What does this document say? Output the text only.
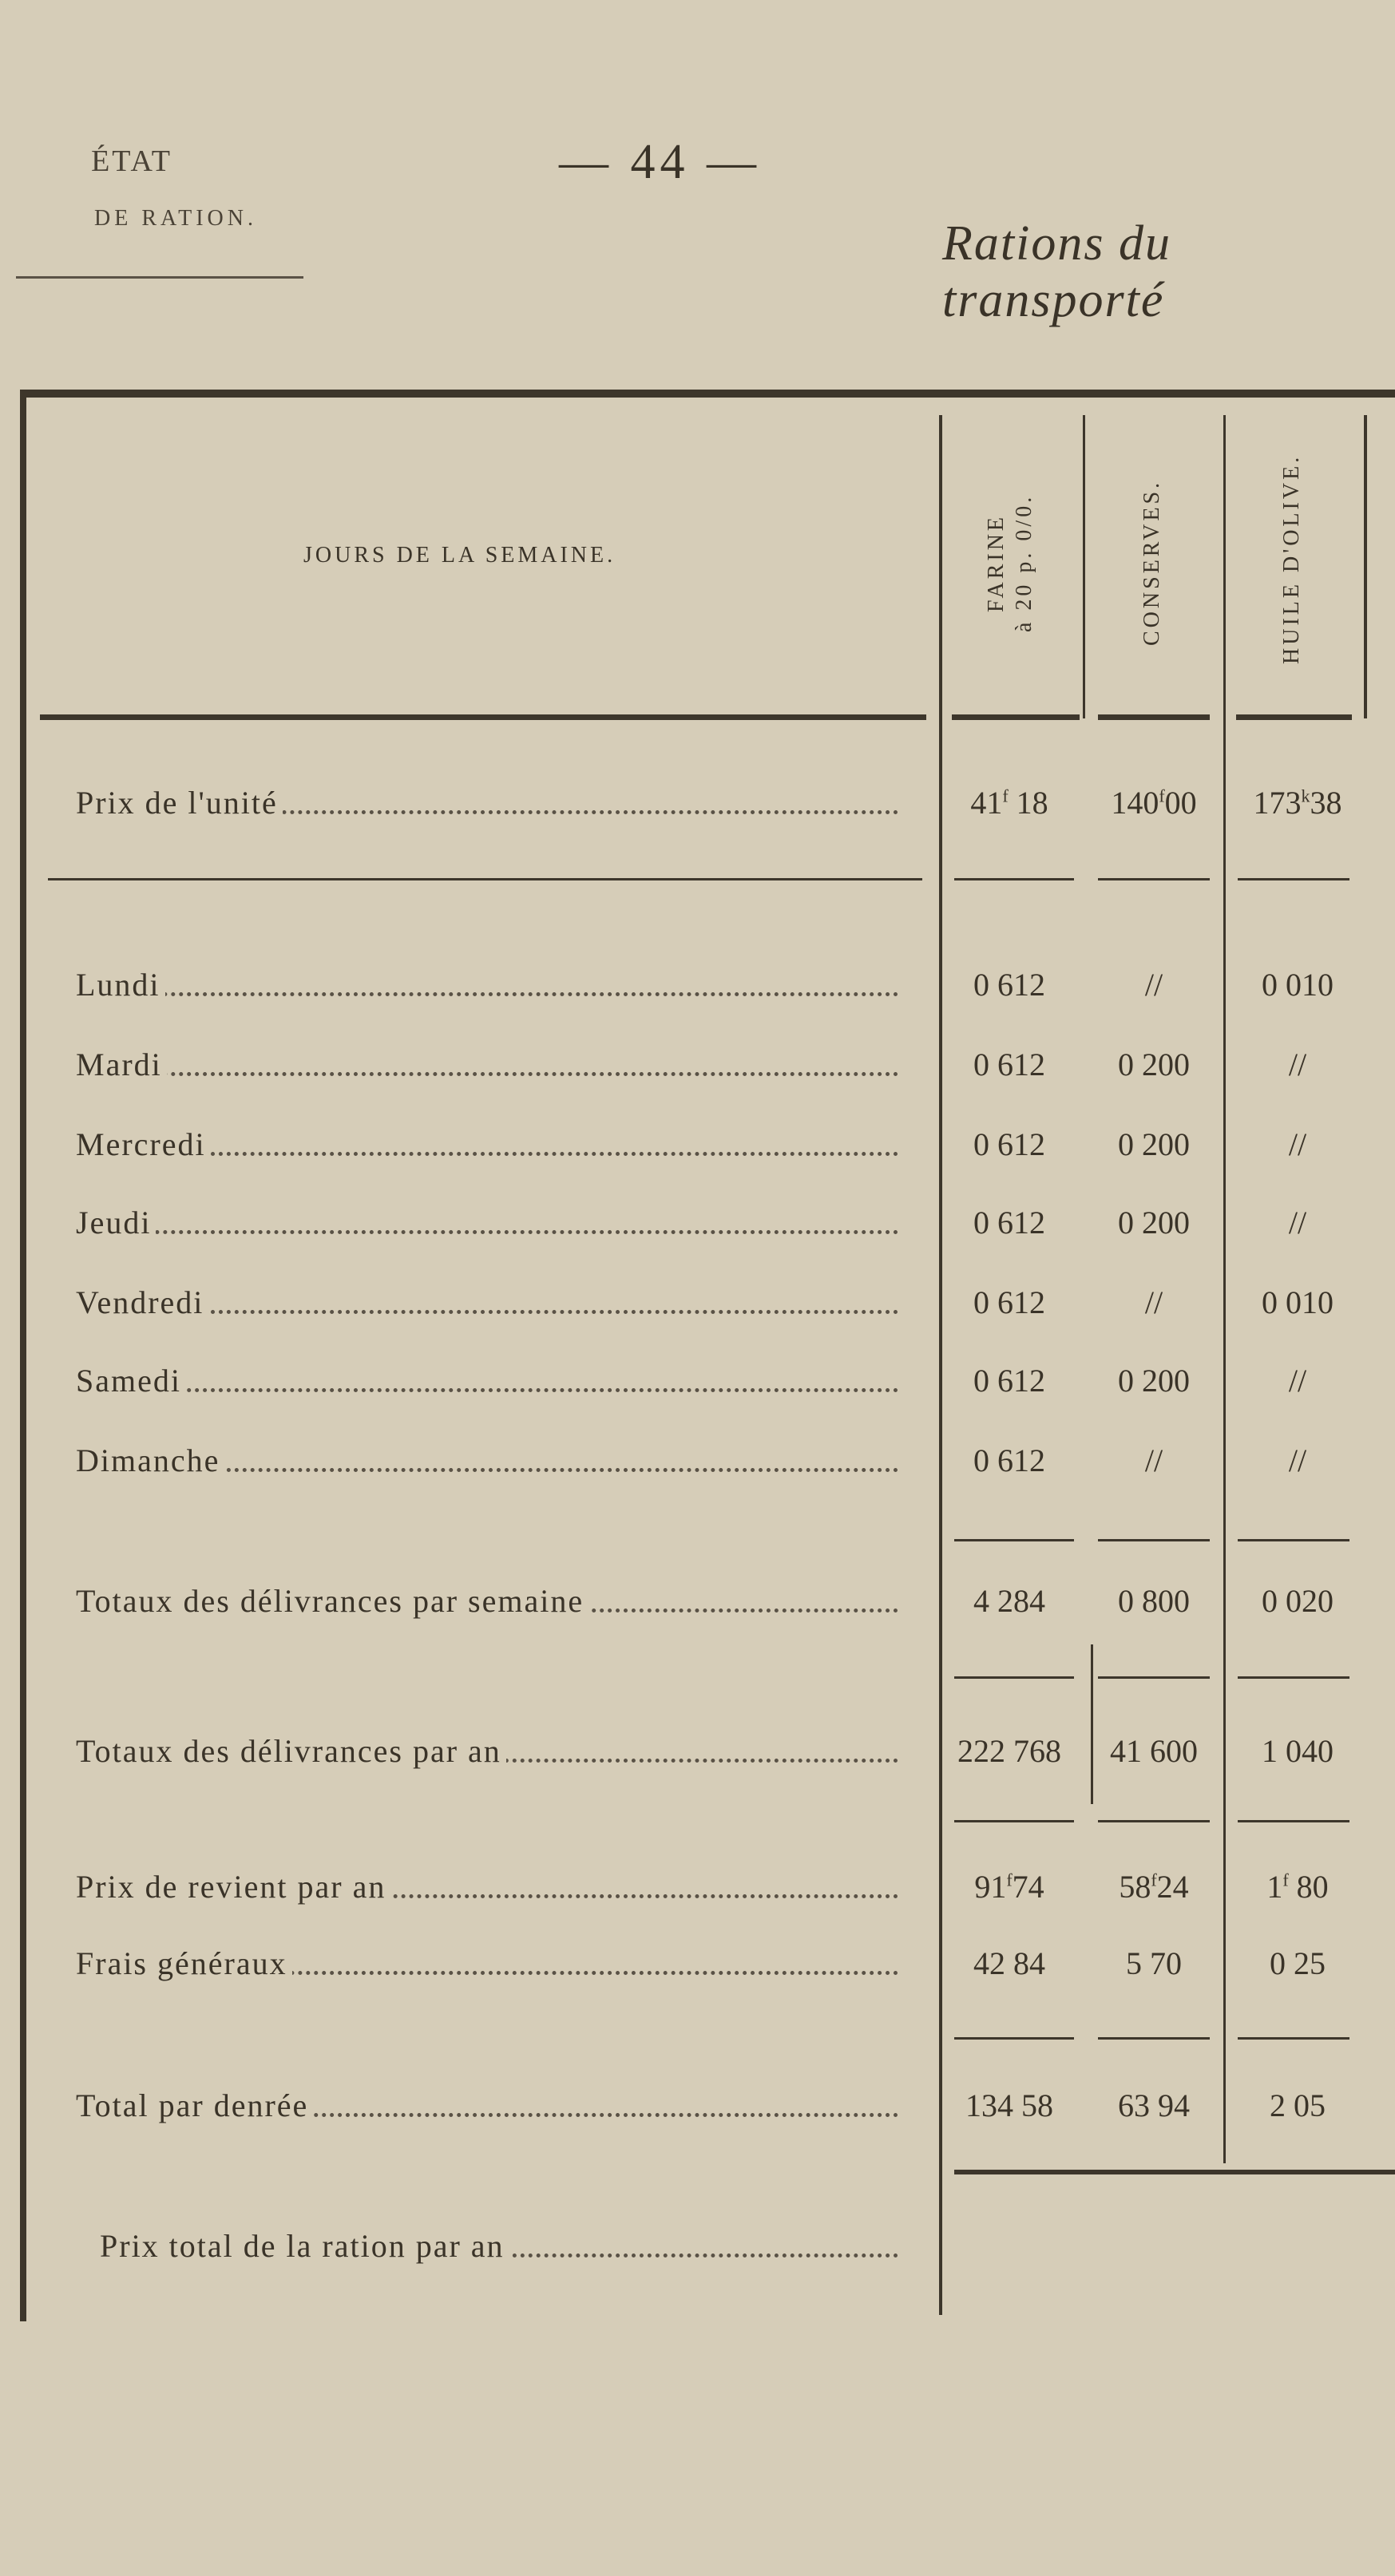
ÉTAT
DE RATION.
— 44 —
Rations du transporté
JOURS DE LA SEMAINE.	FARINE à 20 p. 0/0.	CONSERVES.	HUILE D'OLIVE.
Prix de l'unité	41$^f$ 18	140$^f$00	173$^k$38
Lundi	0 612	//	0 010
Mardi	0 612	0 200	//
Mercredi	0 612	0 200	//
Jeudi	0 612	0 200	//
Vendredi	0 612	//	0 010
Samedi	0 612	0 200	//
Dimanche	0 612	//	//
Totaux des délivrances par semaine	4 284	0 800	0 020
Totaux des délivrances par an	222 768	41 600	1 040
Prix de revient par an	91$^f$74	58$^f$24	1$^f$ 80
Frais généraux	42 84	5 70	0 25
Total par denrée	134 58	63 94	2 05
Prix total de la ration par an
